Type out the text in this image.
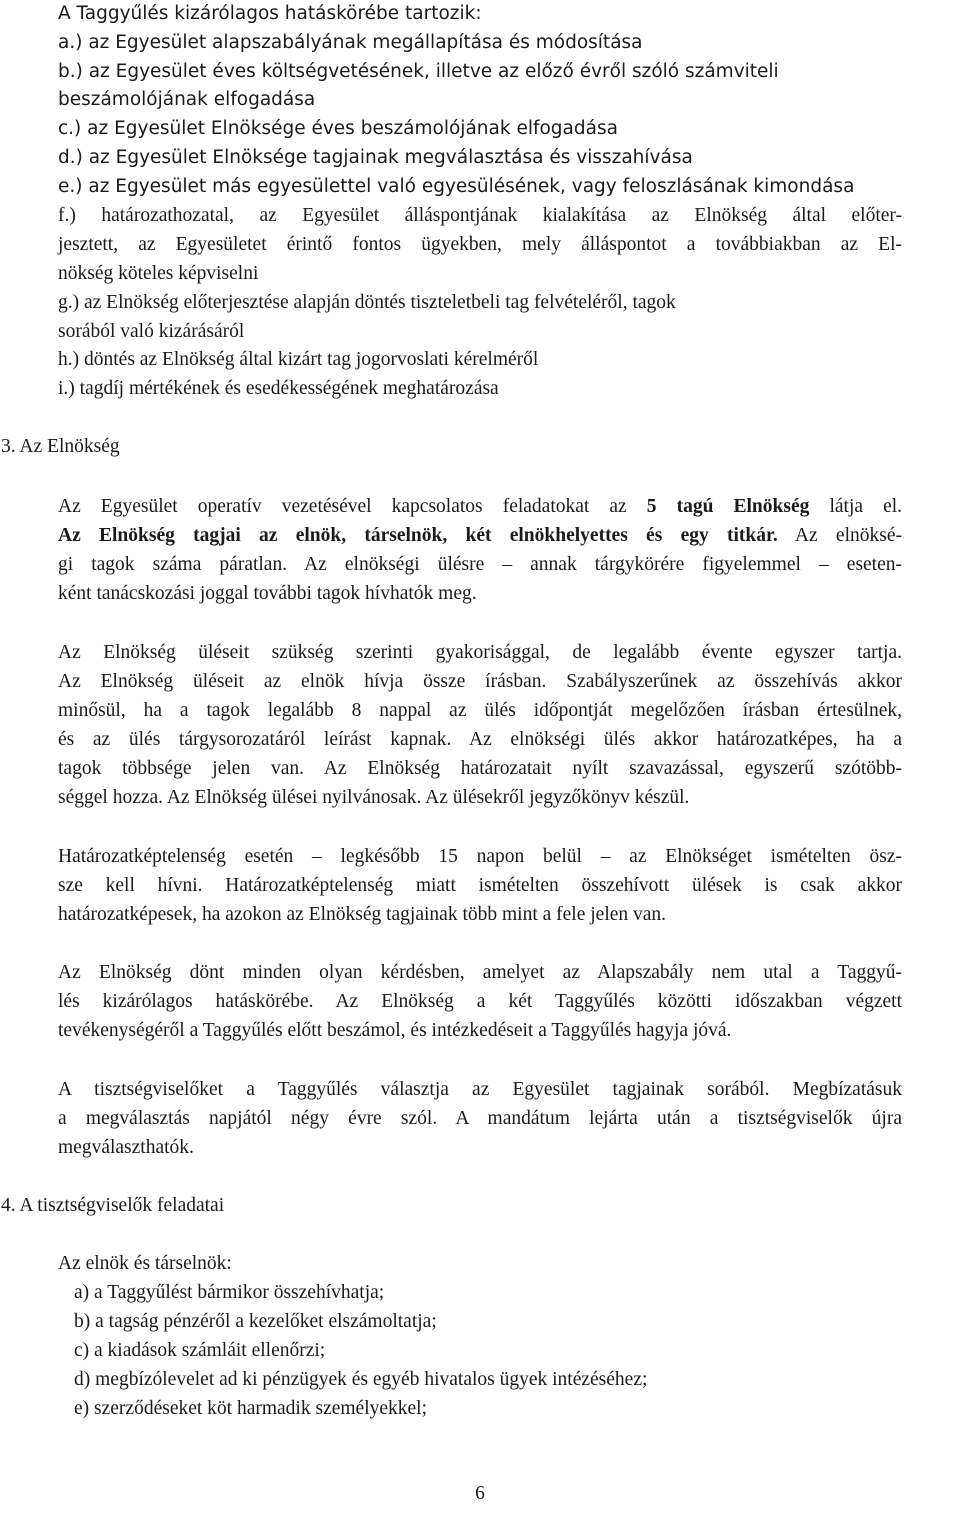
A Taggyűlés kizárólagos hatáskörébe tartozik:
a.) az Egyesület alapszabályának megállapítása és módosítása
b.) az Egyesület éves költségvetésének, illetve az előző évről szóló számviteli
beszámolójának elfogadása
c.) az Egyesület Elnöksége éves beszámolójának elfogadása
d.) az Egyesület Elnöksége tagjainak megválasztása és visszahívása
e.) az Egyesület más egyesülettel való egyesülésének, vagy feloszlásának kimondása
f.) határozathozatal, az Egyesület álláspontjának kialakítása az Elnökség által előter-
jesztett, az Egyesületet érintő fontos ügyekben, mely álláspontot a továbbiakban az El-
nökség köteles képviselni
g.) az Elnökség előterjesztése alapján döntés tiszteletbeli tag felvételéről, tagok
sorából való kizárásáról
h.) döntés az Elnökség által kizárt tag jogorvoslati kérelméről
i.) tagdíj mértékének és esedékességének meghatározása
3. Az Elnökség
Az Egyesület operatív vezetésével kapcsolatos feladatokat az 5 tagú Elnökség látja el.
Az Elnökség tagjai az elnök, társelnök, két elnökhelyettes és egy titkár. Az elnöksé-
gi tagok száma páratlan. Az elnökségi ülésre – annak tárgykörére figyelemmel – eseten-
ként tanácskozási joggal további tagok hívhatók meg.
Az Elnökség üléseit szükség szerinti gyakorisággal, de legalább évente egyszer tartja.
Az Elnökség üléseit az elnök hívja össze írásban. Szabályszerűnek az összehívás akkor
minősül, ha a tagok legalább 8 nappal az ülés időpontját megelőzően írásban értesülnek,
és az ülés tárgysorozatáról leírást kapnak. Az elnökségi ülés akkor határozatképes, ha a
tagok többsége jelen van. Az Elnökség határozatait nyílt szavazással, egyszerű szótöbb-
séggel hozza. Az Elnökség ülései nyilvánosak. Az ülésekről jegyzőkönyv készül.
Határozatképtelenség esetén – legkésőbb 15 napon belül – az Elnökséget ismételten ösz-
sze kell hívni. Határozatképtelenség miatt ismételten összehívott ülések is csak akkor
határozatképesek, ha azokon az Elnökség tagjainak több mint a fele jelen van.
Az Elnökség dönt minden olyan kérdésben, amelyet az Alapszabály nem utal a Taggyű-
lés kizárólagos hatáskörébe. Az Elnökség a két Taggyűlés közötti időszakban végzett
tevékenységéről a Taggyűlés előtt beszámol, és intézkedéseit a Taggyűlés hagyja jóvá.
A tisztségviselőket a Taggyűlés választja az Egyesület tagjainak sorából. Megbízatásuk
a megválasztás napjától négy évre szól. A mandátum lejárta után a tisztségviselők újra
megválaszthatók.
4. A tisztségviselők feladatai
Az elnök és társelnök:
a) a Taggyűlést bármikor összehívhatja;
b) a tagság pénzéről a kezelőket elszámoltatja;
c) a kiadások számláit ellenőrzi;
d) megbízólevelet ad ki pénzügyek és egyéb hivatalos ügyek intézéséhez;
e) szerződéseket köt harmadik személyekkel;
6
